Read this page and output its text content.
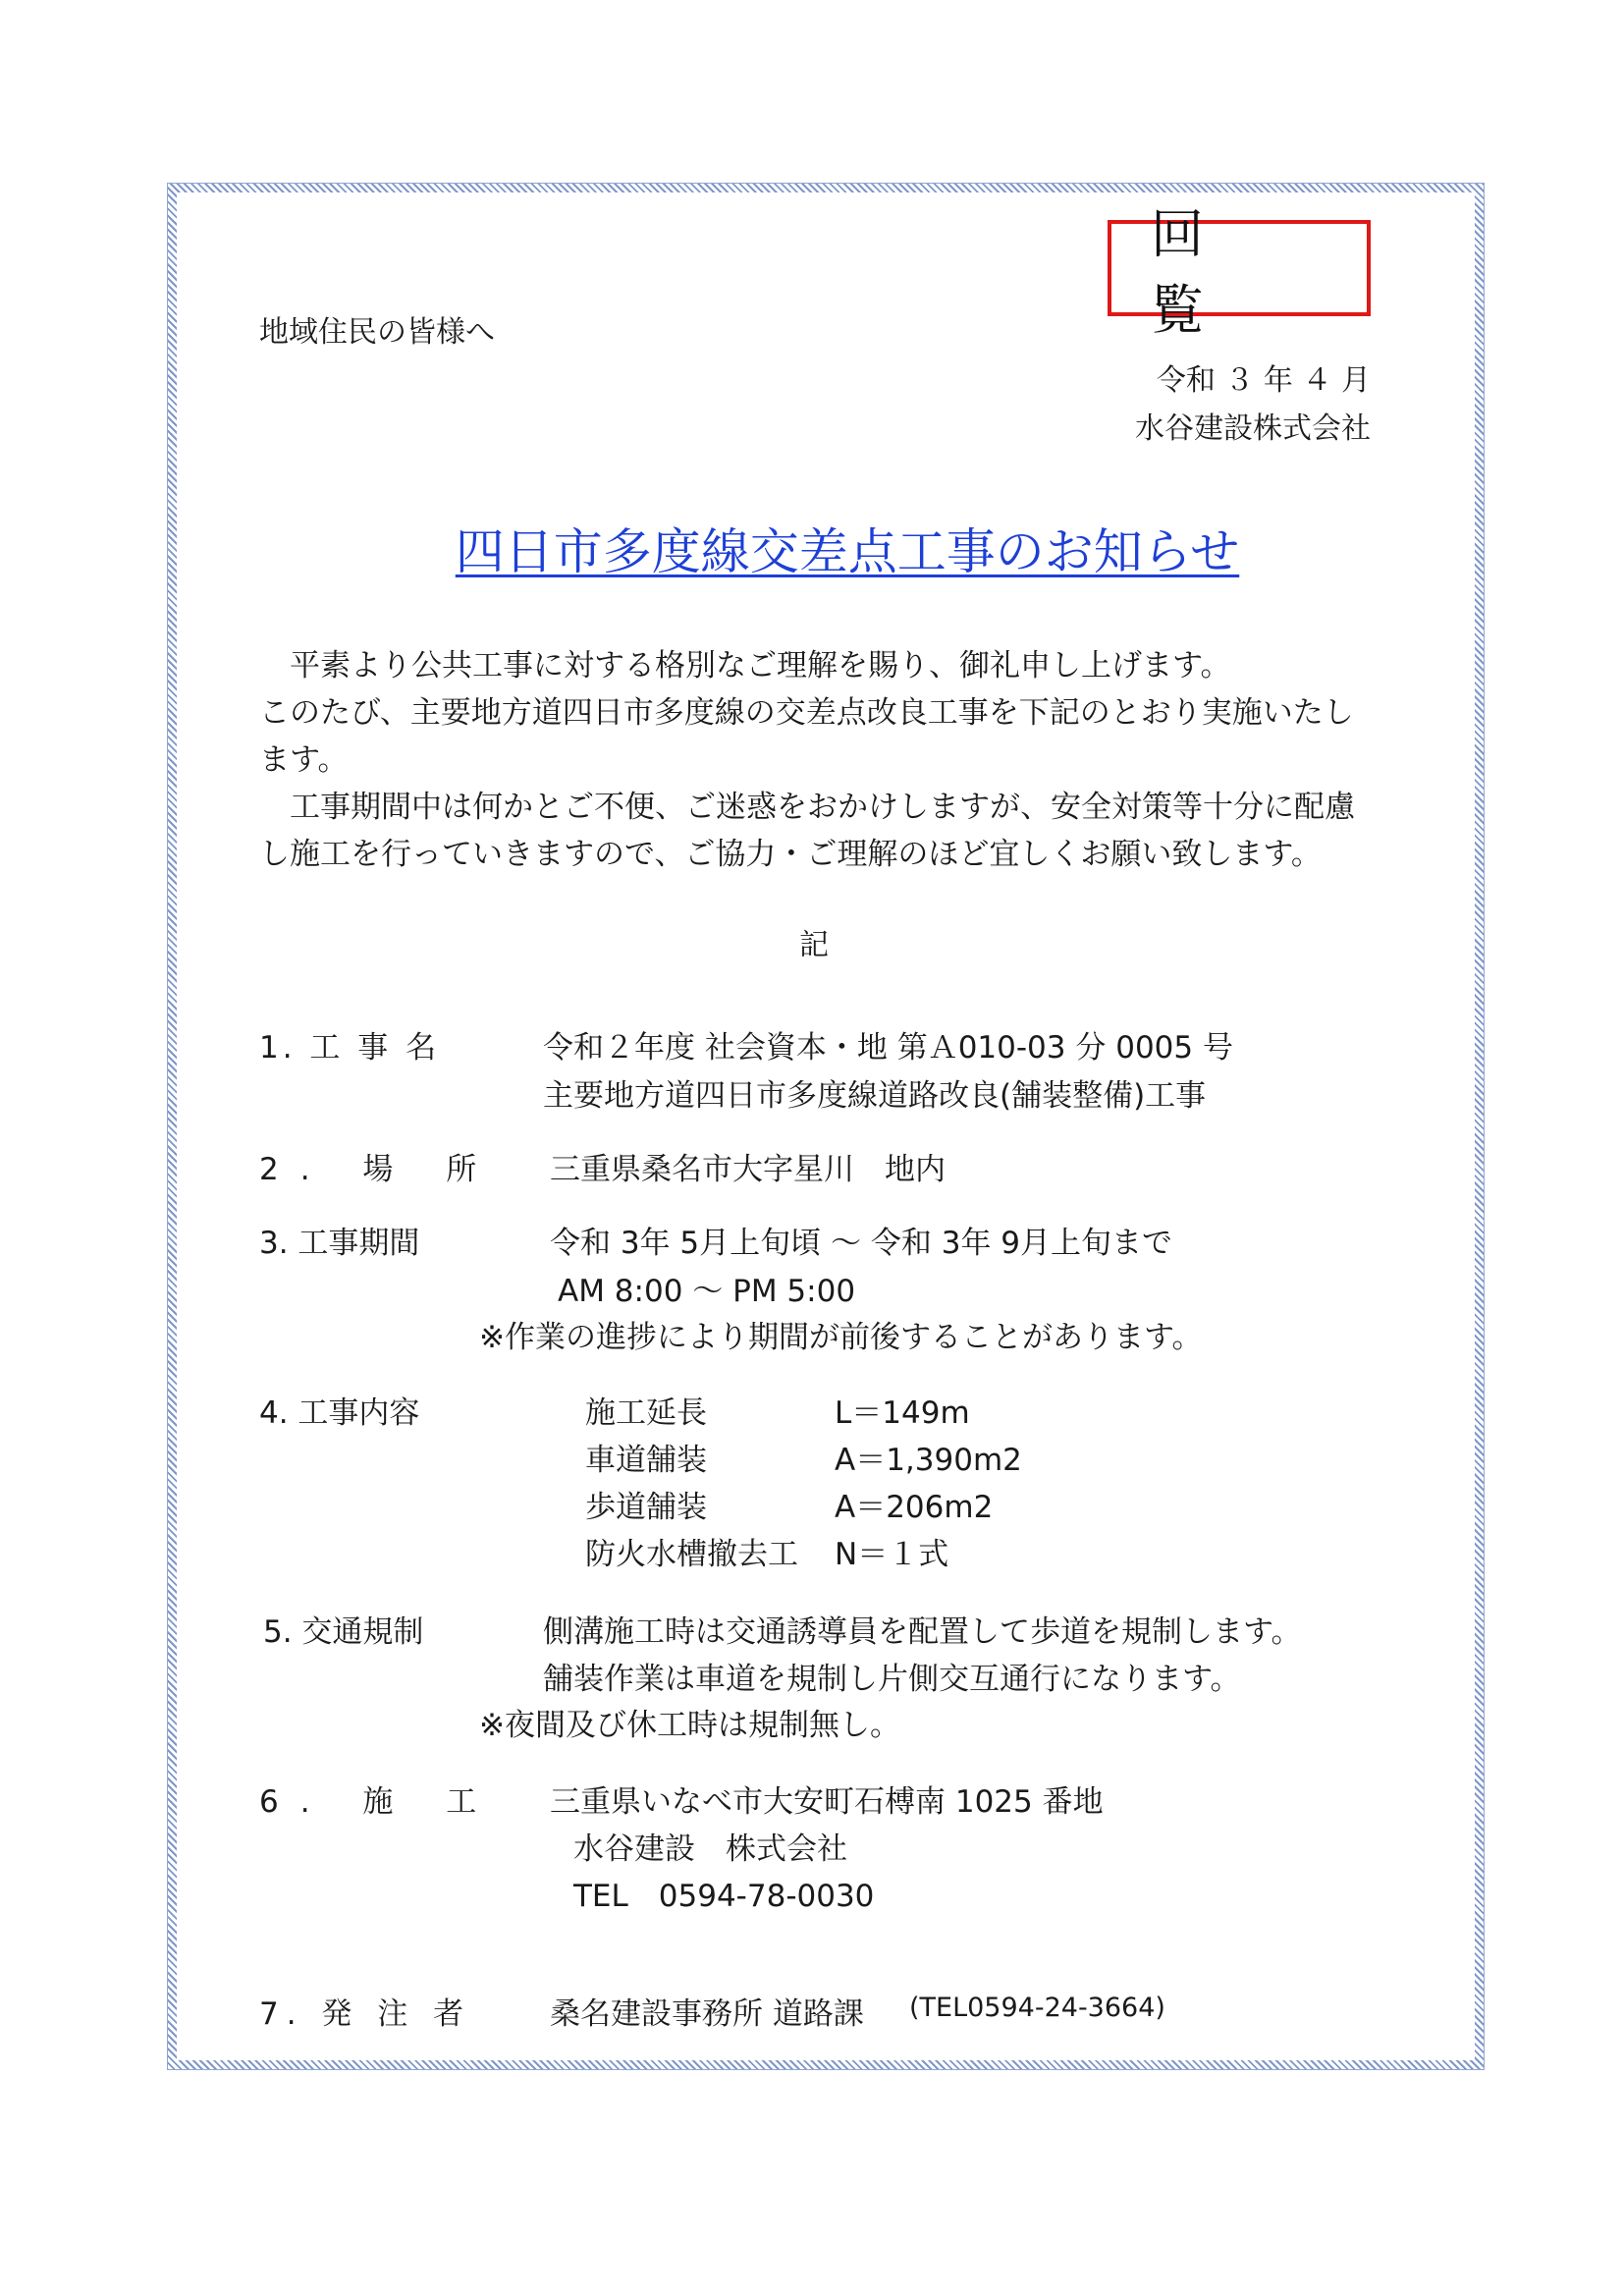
回　覧
地域住民の皆様へ
令和 ３ 年 ４ 月
水谷建設株式会社
四日市多度線交差点工事のお知らせ

平素より公共工事に対する格別なご理解を賜り、御礼申し上げます。

このたび、主要地方道四日市多度線の交差点改良工事を下記のとおり実施いたします。

工事期間中は何かとご不便、ご迷惑をおかけしますが、安全対策等十分に配慮し施工を行っていきますので、ご協力・ご理解のほど宜しくお願い致します。

記
1. 工 事 名	令和２年度 社会資本・地 第Ａ010-03 分 0005 号
主要地方道四日市多度線道路改良(舗装整備)工事
2. 場 所 三重県桑名市大字星川　地内
3. 工事期間	令和 3年 5月上旬頃 ～ 令和 3年 9月上旬まで
AM 8:00 ～ PM 5:00
※作業の進捗により期間が前後することがあります。
4. 工事内容	施工延長	L＝149m
車道舗装	A＝1,390m2
歩道舗装	A＝206m2
防火水槽撤去工 N＝１式
5. 交通規制	側溝施工時は交通誘導員を配置して歩道を規制します。
舗装作業は車道を規制し片側交互通行になります。
※夜間及び休工時は規制無し。
6. 施 工 三重県いなべ市大安町石榑南 1025 番地
水谷建設　株式会社
TEL　0594-78-0030
7. 発 注 者	桑名建設事務所 道路課 (TEL0594-24-3664)
